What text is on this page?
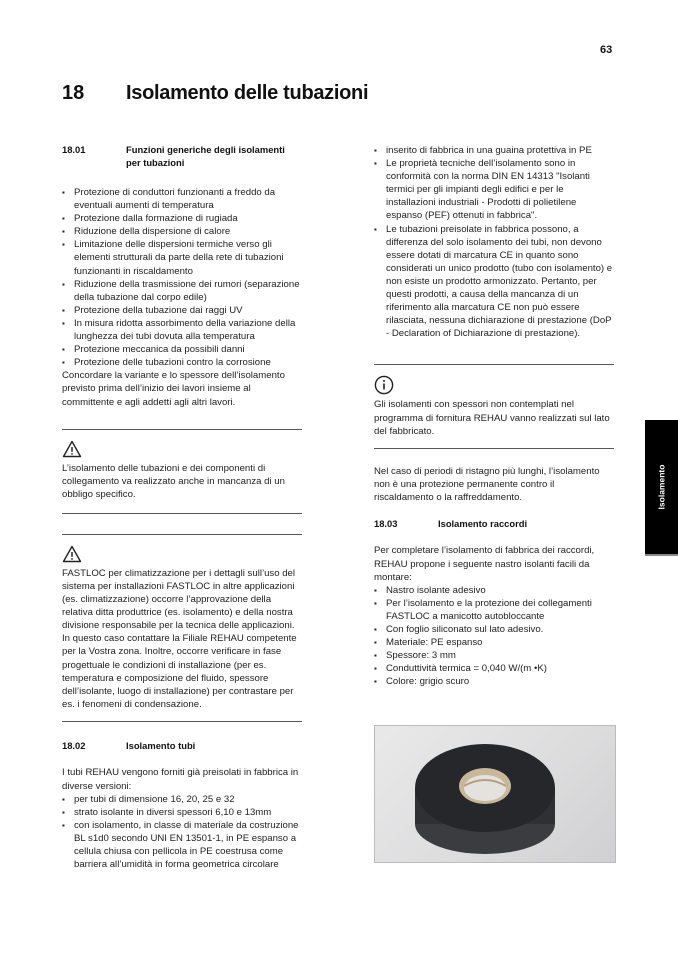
63
18	Isolamento delle tubazioni
18.01	Funzioni generiche degli isolamenti per tubazioni
▪ Protezione di conduttori funzionanti a freddo da eventuali aumenti di temperatura
▪ Protezione dalla formazione di rugiada
▪ Riduzione della dispersione di calore
▪ Limitazione delle dispersioni termiche verso gli elementi strutturali da parte della rete di tubazioni funzionanti in riscaldamento
▪ Riduzione della trasmissione dei rumori (separazione della tubazione dal corpo edile)
▪ Protezione della tubazione dai raggi UV
▪ In misura ridotta assorbimento della variazione della lunghezza dei tubi dovuta alla temperatura
▪ Protezione meccanica da possibili danni
▪ Protezione delle tubazioni contro la corrosione

Concordare la variante e lo spessore dell’isolamento previsto prima dell’inizio dei lavori insieme al committente e agli addetti agli altri lavori.

L’isolamento delle tubazioni e dei componenti di collegamento va realizzato anche in mancanza di un obbligo specifico.

FASTLOC per climatizzazione per i dettagli sull’uso del sistema per installazioni FASTLOC in altre applicazioni (es. climatizzazione) occorre l’approvazione della relativa ditta produttrice (es. isolamento) e della nostra divisione responsabile per la tecnica delle applicazioni. In questo caso contattare la Filiale REHAU competente per la Vostra zona. Inoltre, occorre verificare in fase progettuale le condizioni di installazione (per es. temperatura e composizione del fluido, spessore dell’isolante, luogo di installazione) per contrastare per es. i fenomeni di condensazione.

18.02	Isolamento tubi

I tubi REHAU vengono forniti già preisolati in fabbrica in diverse versioni:

▪ per tubi di dimensione 16, 20, 25 e 32
▪ strato isolante in diversi spessori 6,10 e 13mm
▪ con isolamento, in classe di materiale da costruzione BL s1d0 secondo UNI EN 13501-1, in PE espanso a cellula chiusa con pellicola in PE coestrusa come barriera all’umidità in forma geometrica circolare
▪ inserito di fabbrica in una guaina protettiva in PE
▪ Le proprietà tecniche dell’isolamento sono in conformità con la norma DIN EN 14313 "Isolanti termici per gli impianti degli edifici e per le installazioni industriali - Prodotti di polietilene espanso (PEF) ottenuti in fabbrica".
▪ Le tubazioni preisolate in fabbrica possono, a differenza del solo isolamento dei tubi, non devono essere dotati di marcatura CE in quanto sono considerati un unico prodotto (tubo con isolamento) e non esiste un prodotto armonizzato. Pertanto, per questi prodotti, a causa della mancanza di un riferimento alla marcatura CE non può essere rilasciata, nessuna dichiarazione di prestazione (DoP - Declaration of Dichiarazione di prestazione).

Gli isolamenti con spessori non contemplati nel programma di fornitura REHAU vanno realizzati sul lato del fabbricato.

Nel caso di periodi di ristagno più lunghi, l’isolamento non è una protezione permanente contro il riscaldamento o la raffreddamento.

18.03	Isolamento raccordi

Per completare l’isolamento di fabbrica dei raccordi, REHAU propone i seguente nastro isolanti facili da montare:

▪ Nastro isolante adesivo
▪ Per l’isolamento e la protezione dei collegamenti FASTLOC a manicotto autobloccante
▪ Con foglio siliconato sul lato adesivo.
▪ Materiale: PE espanso
▪ Spessore: 3 mm
▪ Conduttività termica = 0,040 W/(m •K)
▪ Colore: grigio scuro
Isolamento
